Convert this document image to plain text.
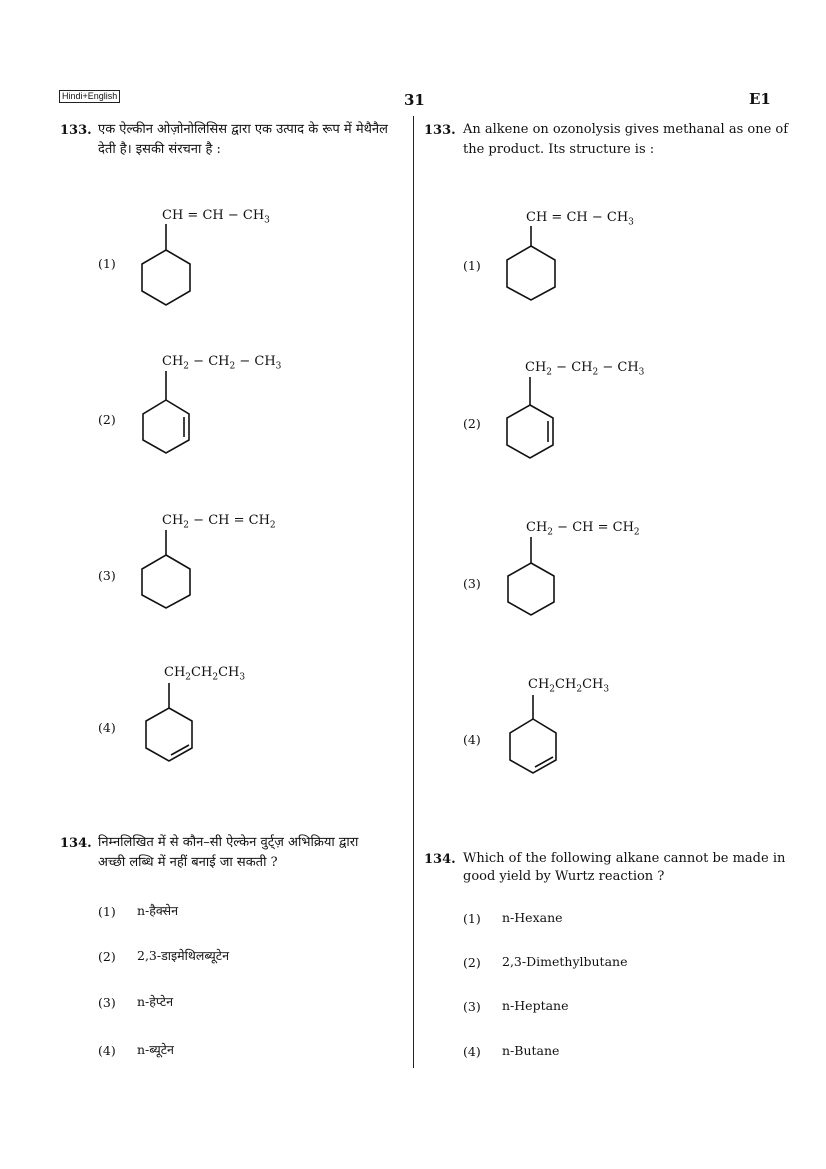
Hindi+English	31	E1
133. एक ऐल्कीन ओज़ोनोलिसिस द्वारा एक उत्पाद के रूप में मेथैनैल
देती है। इसकी संरचना है :
(1)
CH = CH − $CH_3$
(2)
$CH_2 - CH_2 - CH_3$
(3)
$CH_2$ − CH = $CH_2$
(4)
$CH_2CH_2CH_3$
134. निम्नलिखित में से कौन–सी ऐल्केन वुर्ट्ज़ अभिक्रिया द्वारा
अच्छी लब्धि में नहीं बनाई जा सकती ?
(1) n-हैक्सेन
(2) 2,3-डाइमेथिलब्यूटेन
(3) n-हेप्टेन
(4) n-ब्यूटेन
133. An alkene on ozonolysis gives methanal as one of
the product. Its structure is :
(1)
CH = CH − $CH_3$
(2)
$CH_2 - CH_2 - CH_3$
(3)
$CH_2$ − CH = $CH_2$
(4)
$CH_2CH_2CH_3$
134. Which of the following alkane cannot be made in
good yield by Wurtz reaction ?
(1) n-Hexane
(2) 2,3-Dimethylbutane
(3) n-Heptane
(4) n-Butane
